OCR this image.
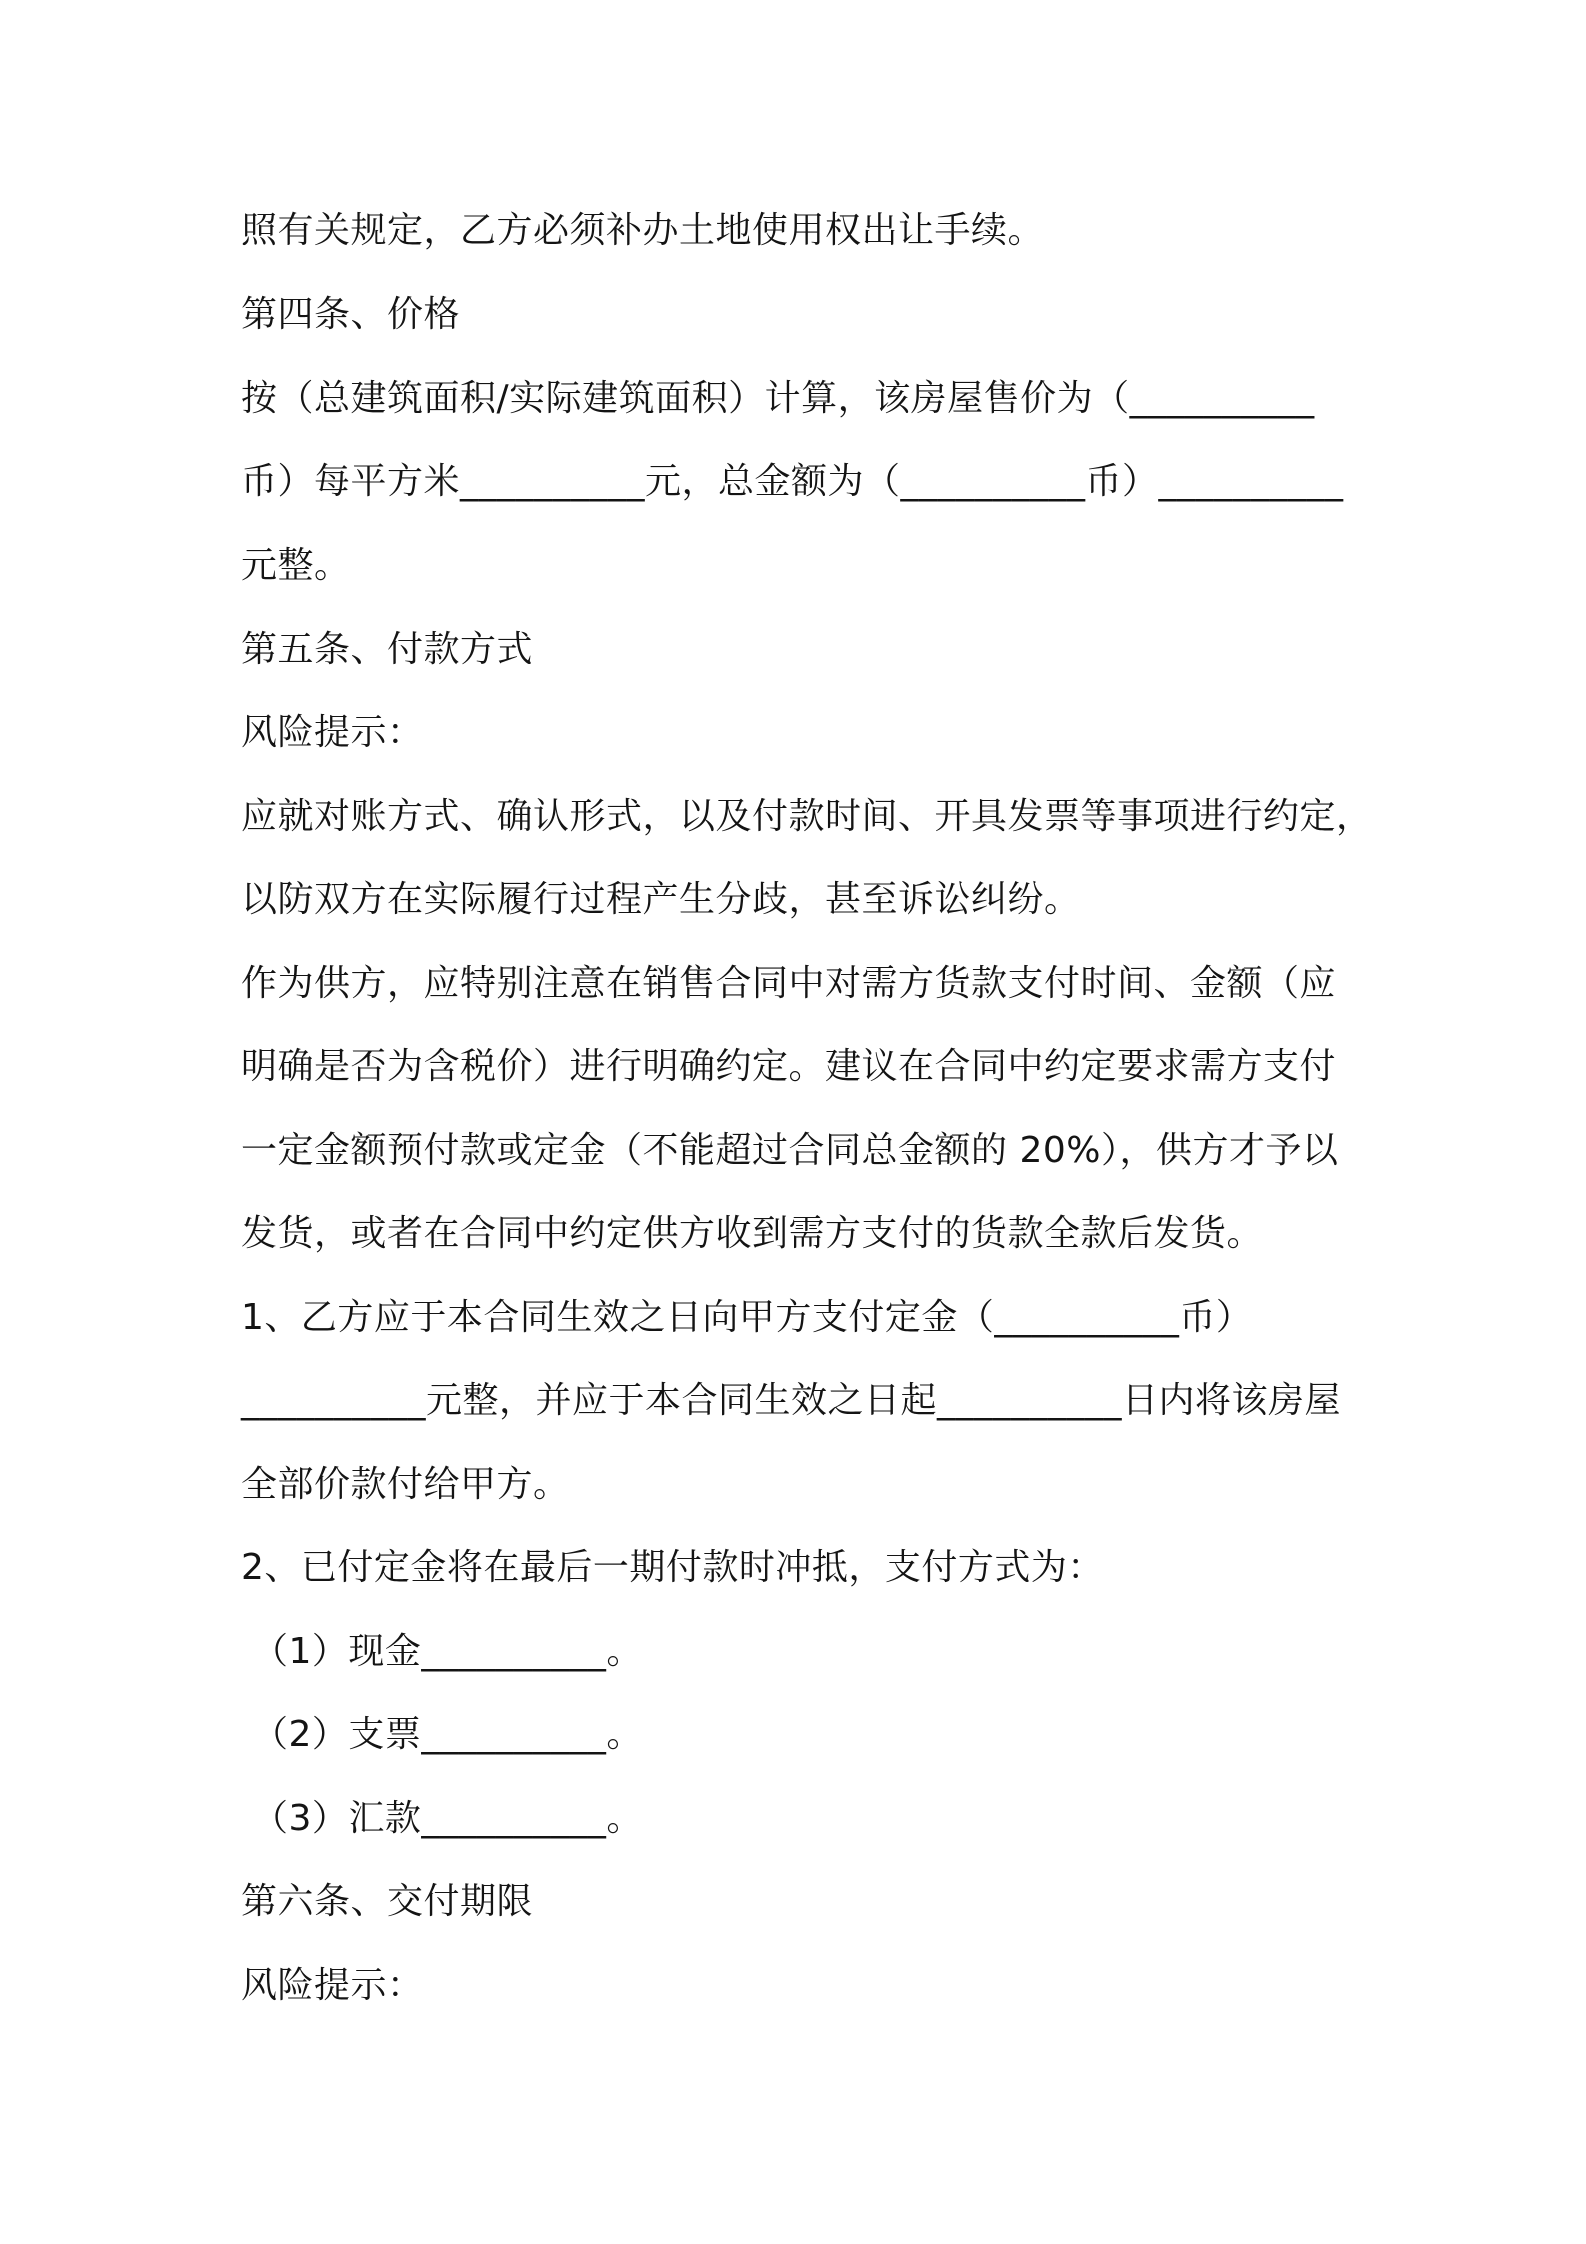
照有关规定，乙方必须补办土地使用权出让手续。
第四条、价格
按（总建筑面积/实际建筑面积）计算，该房屋售价为（__________
币）每平方米__________元，总金额为（__________币）__________
元整。
第五条、付款方式
风险提示：
应就对账方式、确认形式，以及付款时间、开具发票等事项进行约定，
以防双方在实际履行过程产生分歧，甚至诉讼纠纷。
作为供方，应特别注意在销售合同中对需方货款支付时间、金额（应
明确是否为含税价）进行明确约定。建议在合同中约定要求需方支付
一定金额预付款或定金（不能超过合同总金额的 20%），供方才予以
发货，或者在合同中约定供方收到需方支付的货款全款后发货。
1、乙方应于本合同生效之日向甲方支付定金（__________币）
__________元整，并应于本合同生效之日起__________日内将该房屋
全部价款付给甲方。
2、已付定金将在最后一期付款时冲抵，支付方式为：
（1）现金__________。
（2）支票__________。
（3）汇款__________。
第六条、交付期限
风险提示：
